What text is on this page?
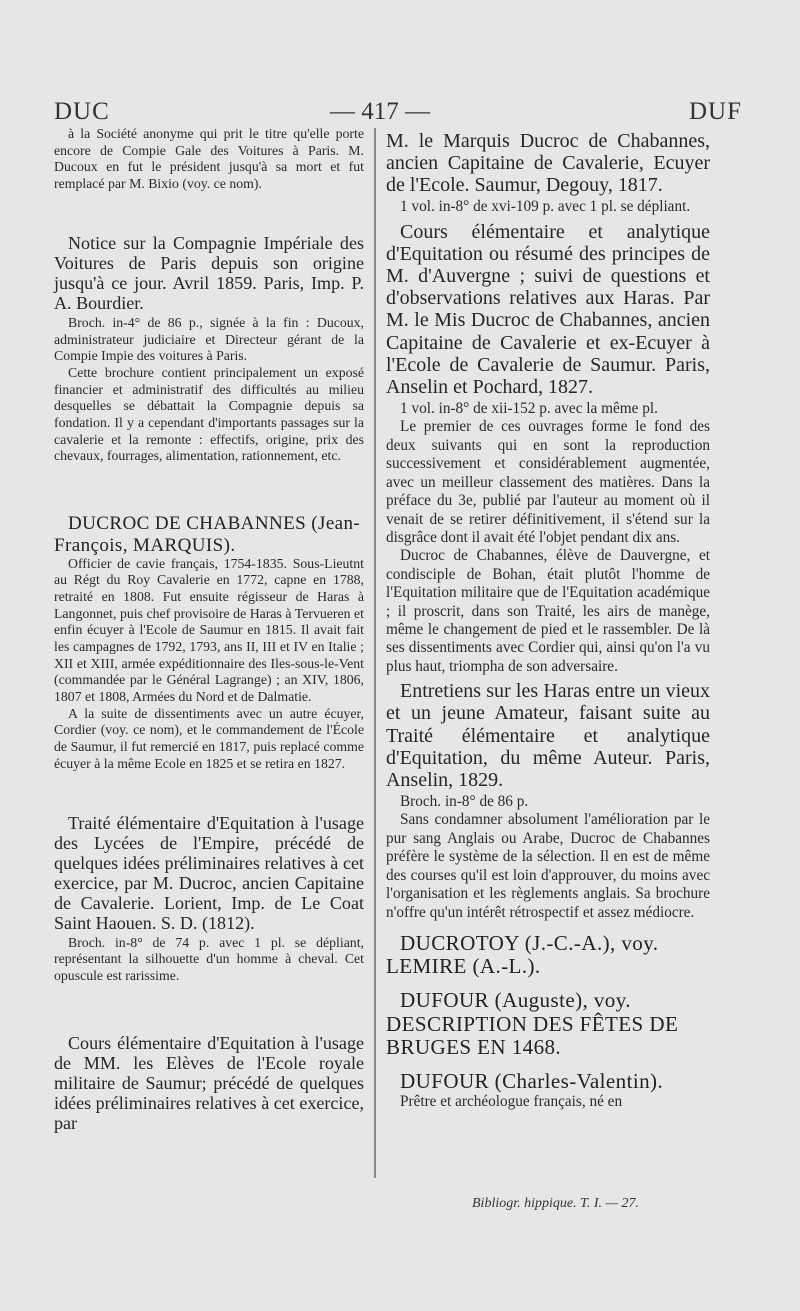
DUC	— 417 —	DUF

à la Société anonyme qui prit le titre qu'elle porte encore de Compie Gale des Voitures à Paris. M. Ducoux en fut le président jusqu'à sa mort et fut remplacé par M. Bixio (voy. ce nom).

Notice sur la Compagnie Impériale des Voitures de Paris depuis son origine jusqu'à ce jour. Avril 1859. Paris, Imp. P. A. Bourdier.

Broch. in-4° de 86 p., signée à la fin : Ducoux, administrateur judiciaire et Directeur gérant de la Compie Impie des voitures à Paris.

Cette brochure contient principalement un exposé financier et administratif des difficultés au milieu desquelles se débattait la Compagnie depuis sa fondation. Il y a cependant d'importants passages sur la cavalerie et la remonte : effectifs, origine, prix des chevaux, fourrages, alimentation, rationnement, etc.

DUCROC DE CHABANNES (Jean-François, MARQUIS).

Officier de cavie français, 1754-1835. Sous-Lieutnt au Régt du Roy Cavalerie en 1772, capne en 1788, retraité en 1808. Fut ensuite régisseur de Haras à Langonnet, puis chef provisoire de Haras à Tervueren et enfin écuyer à l'Ecole de Saumur en 1815. Il avait fait les campagnes de 1792, 1793, ans II, III et IV en Italie ; XII et XIII, armée expéditionnaire des Iles-sous-le-Vent (commandée par le Général Lagrange) ; an XIV, 1806, 1807 et 1808, Armées du Nord et de Dalmatie.

A la suite de dissentiments avec un autre écuyer, Cordier (voy. ce nom), et le commandement de l'École de Saumur, il fut remercié en 1817, puis replacé comme écuyer à la même Ecole en 1825 et se retira en 1827.

Traité élémentaire d'Equitation à l'usage des Lycées de l'Empire, précédé de quelques idées préliminaires relatives à cet exercice, par M. Ducroc, ancien Capitaine de Cavalerie. Lorient, Imp. de Le Coat Saint Haouen. S. D. (1812).

Broch. in-8° de 74 p. avec 1 pl. se dépliant, représentant la silhouette d'un homme à cheval. Cet opuscule est rarissime.

Cours élémentaire d'Equitation à l'usage de MM. les Elèves de l'Ecole royale militaire de Saumur; précédé de quelques idées préliminaires relatives à cet exercice, par

M. le Marquis Ducroc de Chabannes, ancien Capitaine de Cavalerie, Ecuyer de l'Ecole. Saumur, Degouy, 1817.

1 vol. in-8° de xvi-109 p. avec 1 pl. se dépliant.

Cours élémentaire et analytique d'Equitation ou résumé des principes de M. d'Auvergne ; suivi de questions et d'observations relatives aux Haras. Par M. le Mis Ducroc de Chabannes, ancien Capitaine de Cavalerie et ex-Ecuyer à l'Ecole de Cavalerie de Saumur. Paris, Anselin et Pochard, 1827.

1 vol. in-8° de xii-152 p. avec la même pl.

Le premier de ces ouvrages forme le fond des deux suivants qui en sont la reproduction successivement et considérablement augmentée, avec un meilleur classement des matières. Dans la préface du 3e, publié par l'auteur au moment où il venait de se retirer définitivement, il s'étend sur la disgrâce dont il avait été l'objet pendant dix ans.

Ducroc de Chabannes, élève de Dauvergne, et condisciple de Bohan, était plutôt l'homme de l'Equitation militaire que de l'Equitation académique ; il proscrit, dans son Traité, les airs de manège, même le changement de pied et le rassembler. De là ses dissentiments avec Cordier qui, ainsi qu'on l'a vu plus haut, triompha de son adversaire.

Entretiens sur les Haras entre un vieux et un jeune Amateur, faisant suite au Traité élémentaire et analytique d'Equitation, du même Auteur. Paris, Anselin, 1829.

Broch. in-8° de 86 p.

Sans condamner absolument l'amélioration par le pur sang Anglais ou Arabe, Ducroc de Chabannes préfère le système de la sélection. Il en est de même des courses qu'il est loin d'approuver, du moins avec l'organisation et les règlements anglais. Sa brochure n'offre qu'un intérêt rétrospectif et assez médiocre.

DUCROTOY (J.-C.-A.), voy. LEMIRE (A.-L.).

DUFOUR (Auguste), voy. DESCRIPTION DES FÊTES DE BRUGES EN 1468.

DUFOUR (Charles-Valentin).

Prêtre et archéologue français, né en

Bibliogr. hippique. T. I. — 27.
